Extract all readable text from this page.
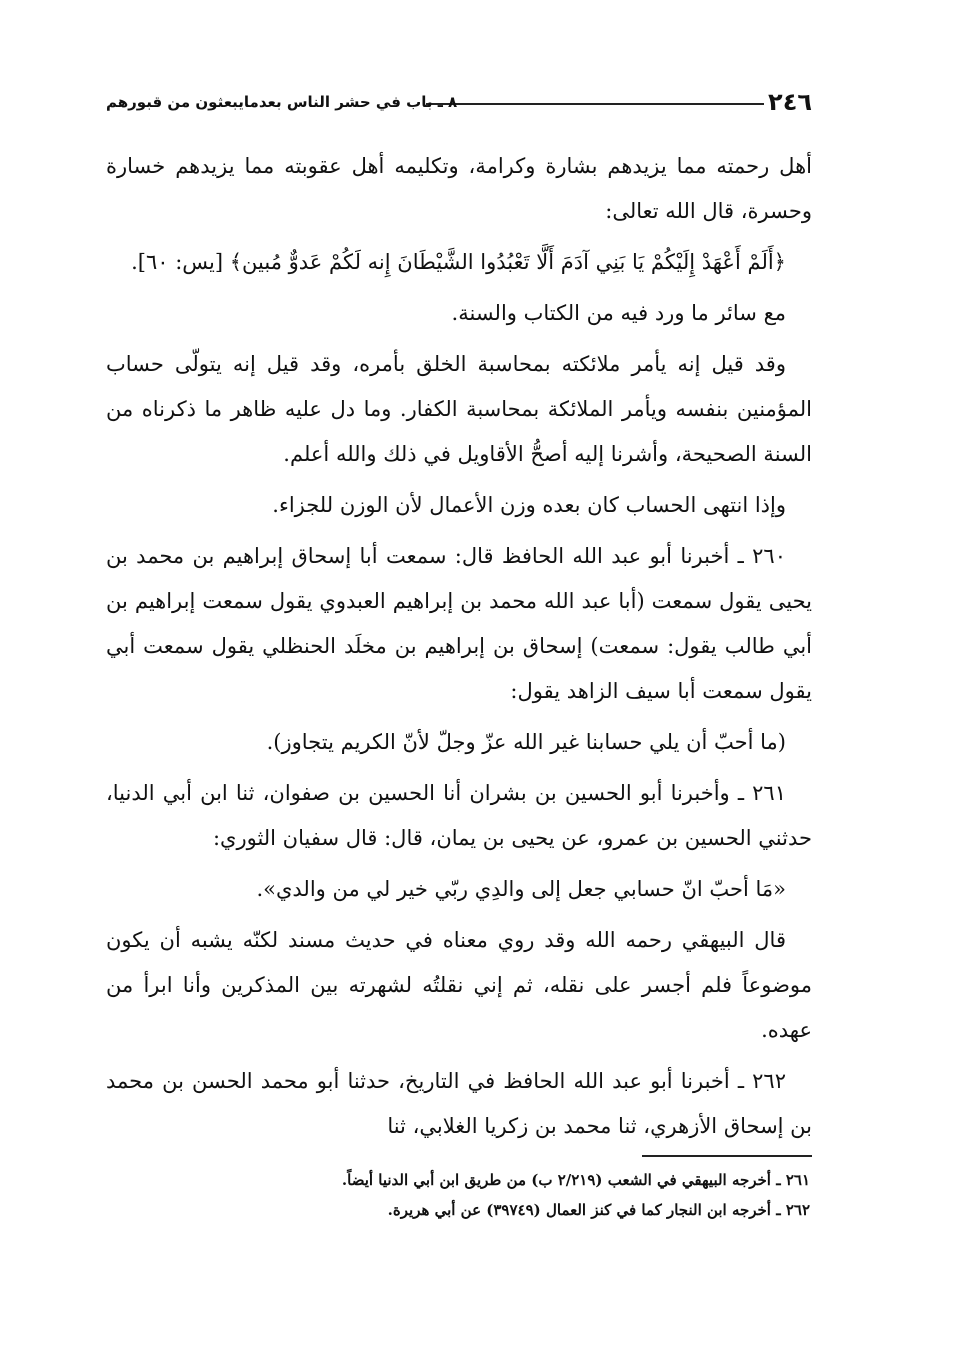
٢٤٦
٨ ـ باب في حشر الناس بعدمايبعثون من قبورهم

أهل رحمته مما يزيدهم بشارة وكرامة، وتكليمه أهل عقوبته مما يزيدهم خسارة وحسرة، قال الله تعالى:

﴿أَلَمْ أَعْهَدْ إِلَيْكُمْ يَا بَنِي آدَمَ أَلَّا تَعْبُدُوا الشَّيْطَانَ إِنه لَكُمْ عَدوٌّ مُبين﴾ [يس: ٦٠].

مع سائر ما ورد فيه من الكتاب والسنة.

وقد قيل إنه يأمر ملائكته بمحاسبة الخلق بأمره، وقد قيل إنه يتولّى حساب المؤمنين بنفسه ويأمر الملائكة بمحاسبة الكفار. وما دل عليه ظاهر ما ذكرناه من السنة الصحيحة، وأشرنا إليه أصحُّ الأقاويل في ذلك والله أعلم.

وإذا انتهى الحساب كان بعده وزن الأعمال لأن الوزن للجزاء.

٢٦٠ ـ أخبرنا أبو عبد الله الحافظ قال: سمعت أبا إسحاق إبراهيم بن محمد بن يحيى يقول سمعت (أبا عبد الله محمد بن إبراهيم العبدوي يقول سمعت إبراهيم بن أبي طالب يقول: سمعت) إسحاق بن إبراهيم بن مخلَد الحنظلي يقول سمعت أبي يقول سمعت أبا سيف الزاهد يقول:

(ما أحبّ أن يلي حسابنا غير الله عزّ وجلّ لأنّ الكريم يتجاوز).

٢٦١ ـ وأخبرنا أبو الحسين بن بشران أنا الحسين بن صفوان، ثنا ابن أبي الدنيا، حدثني الحسين بن عمرو، عن يحيى بن يمان، قال: قال سفيان الثوري:

«مَا أحبّ انّ حسابي جعل إلى والدِي ربّي خير لي من والدي».

قال البيهقي رحمه الله وقد روي معناه في حديث مسند لكنّه يشبه أن يكون موضوعاً فلم أجسر على نقله، ثم إني نقلتُه لشهرته بين المذكرين وأنا ابرأ من عهده.

٢٦٢ ـ أخبرنا أبو عبد الله الحافظ في التاريخ، حدثنا أبو محمد الحسن بن محمد بن إسحاق الأزهري، ثنا محمد بن زكريا الغلابي، ثنا

٢٦١ ـ أخرجه البيهقي في الشعب (٢/٢١٩ ب) من طريق ابن أبي الدنيا أيضاً.
٢٦٢ ـ أخرجه ابن النجار كما في كنز العمال (٣٩٧٤٩) عن أبي هريرة.
